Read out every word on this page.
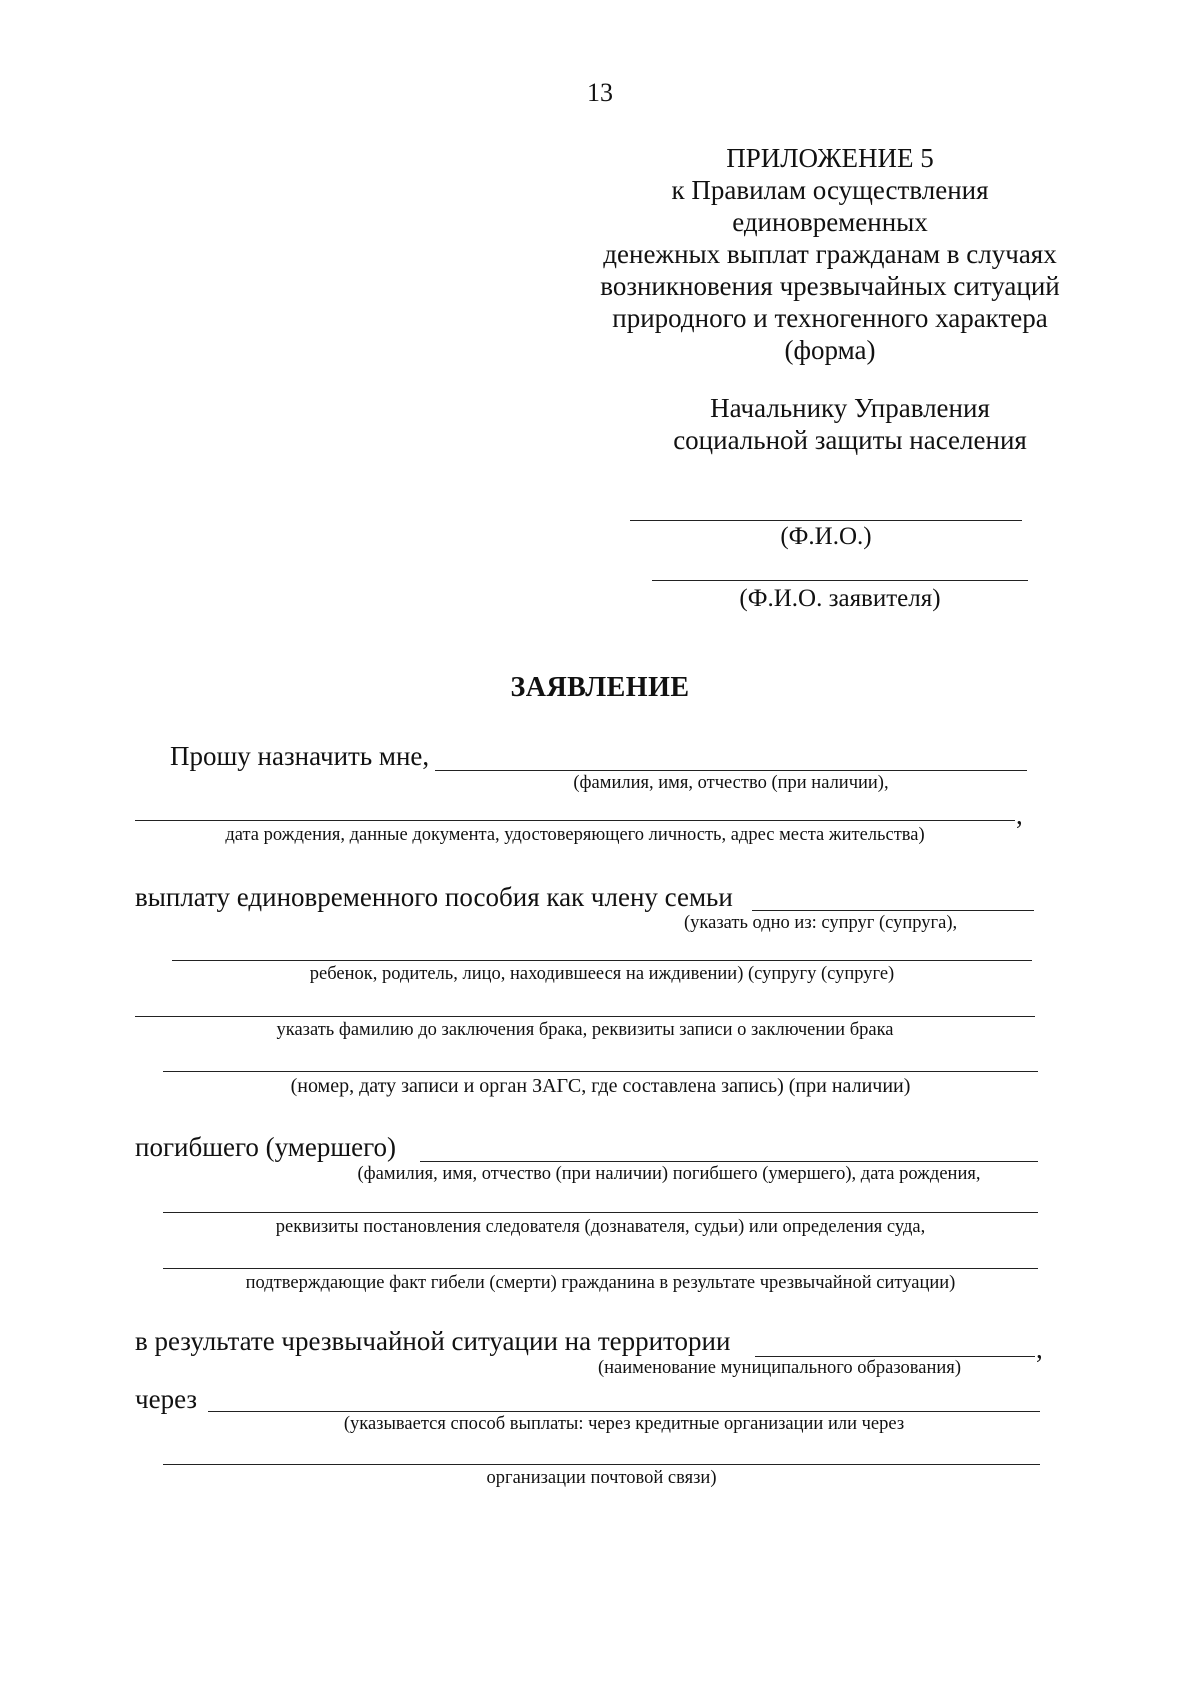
13
ПРИЛОЖЕНИЕ 5
к Правилам осуществления
единовременных
денежных выплат гражданам в случаях
возникновения чрезвычайных ситуаций
природного и техногенного характера
(форма)
Начальнику Управления
социальной защиты населения
(Ф.И.О.)
(Ф.И.О. заявителя)
ЗАЯВЛЕНИЕ
Прошу назначить мне,
(фамилия, имя, отчество (при наличии),
,
дата рождения, данные документа, удостоверяющего личность, адрес места жительства)
выплату единовременного пособия как члену семьи
(указать одно из: супруг (супруга),
ребенок, родитель, лицо, находившееся на иждивении) (супругу (супруге)
указать фамилию до заключения брака, реквизиты записи о заключении брака
(номер, дату записи и орган ЗАГС, где составлена запись) (при наличии)
погибшего (умершего)
(фамилия, имя, отчество (при наличии) погибшего (умершего), дата рождения,
реквизиты постановления следователя (дознавателя, судьи) или определения суда,
подтверждающие факт гибели (смерти) гражданина в результате чрезвычайной ситуации)
в результате чрезвычайной ситуации на территории	,
(наименование муниципального образования)
через
(указывается способ выплаты: через кредитные организации или через
организации почтовой связи)
